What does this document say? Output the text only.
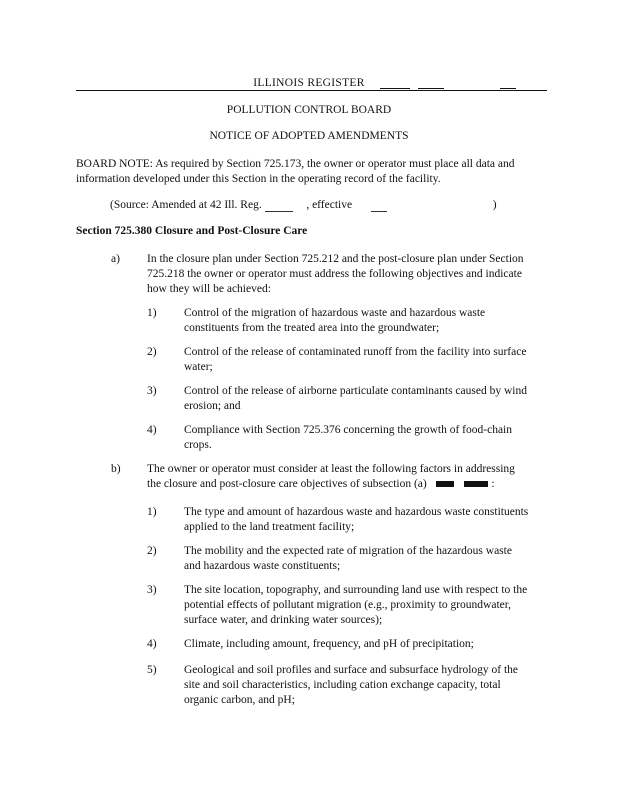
ILLINOIS REGISTER
POLLUTION CONTROL BOARD
NOTICE OF ADOPTED AMENDMENTS
BOARD NOTE: As required by Section 725.173, the owner or operator must place all data and
information developed under this Section in the operating record of the facility.
(Source: Amended at 42 Ill. Reg.	, effective	)
Section 725.380 Closure and Post-Closure Care
a) In the closure plan under Section 725.212 and the post-closure plan under Section
725.218 the owner or operator must address the following objectives and indicate
how they will be achieved:
1) Control of the migration of hazardous waste and hazardous waste
constituents from the treated area into the groundwater;
2) Control of the release of contaminated runoff from the facility into surface
water;
3) Control of the release of airborne particulate contaminants caused by wind
erosion; and
4) Compliance with Section 725.376 concerning the growth of food-chain
crops.
b) The owner or operator must consider at least the following factors in addressing
the closure and post-closure care objectives of subsection (a)	:
1) The type and amount of hazardous waste and hazardous waste constituents
applied to the land treatment facility;
2) The mobility and the expected rate of migration of the hazardous waste
and hazardous waste constituents;
3) The site location, topography, and surrounding land use with respect to the
potential effects of pollutant migration (e.g., proximity to groundwater,
surface water, and drinking water sources);
4) Climate, including amount, frequency, and pH of precipitation;
5) Geological and soil profiles and surface and subsurface hydrology of the
site and soil characteristics, including cation exchange capacity, total
organic carbon, and pH;
